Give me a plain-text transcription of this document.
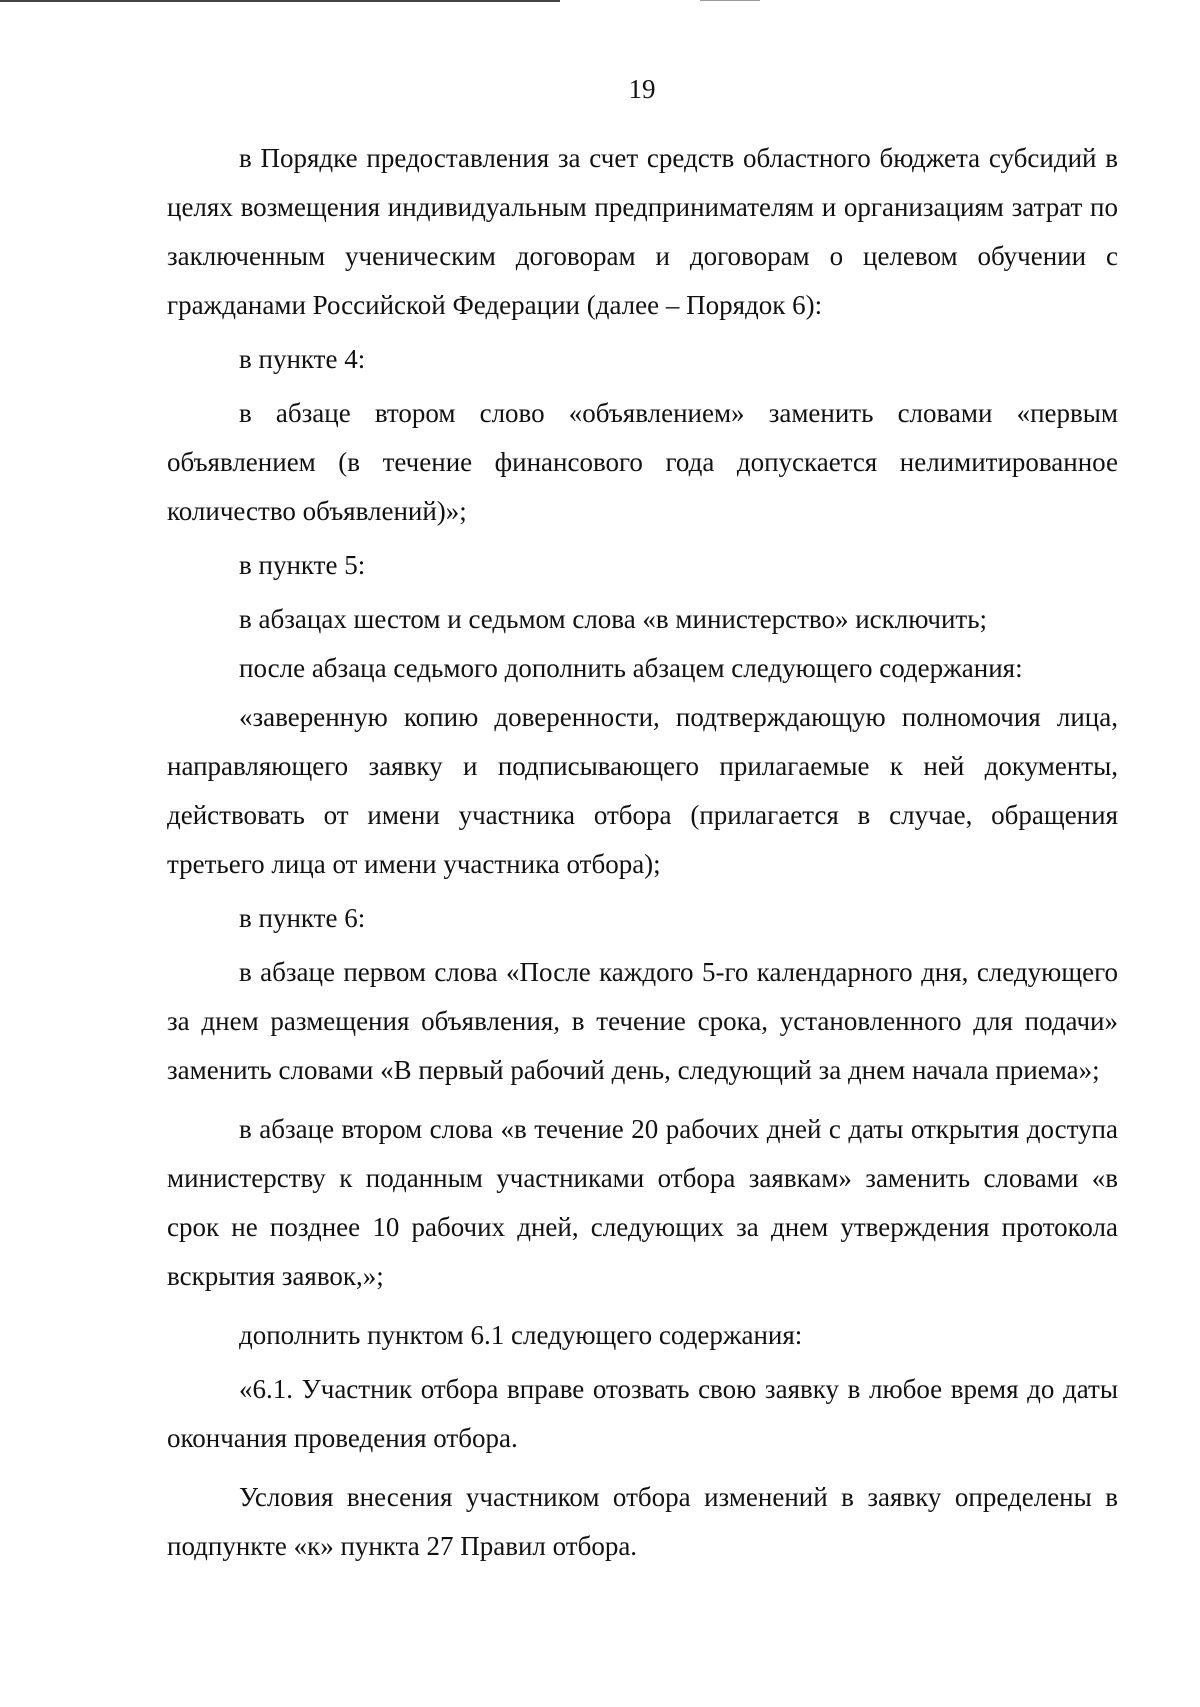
19

в Порядке предоставления за счет средств областного бюджета субсидий в целях возмещения индивидуальным предпринимателям и организациям затрат по заключенным ученическим договорам и договорам о целевом обучении с гражданами Российской Федерации (далее – Порядок 6):

в пункте 4:

в абзаце втором слово «объявлением» заменить словами «первым объявлением (в течение финансового года допускается нелимитированное количество объявлений)»;

в пункте 5:

в абзацах шестом и седьмом слова «в министерство» исключить;

после абзаца седьмого дополнить абзацем следующего содержания:

«заверенную копию доверенности, подтверждающую полномочия лица, направляющего заявку и подписывающего прилагаемые к ней документы, действовать от имени участника отбора (прилагается в случае, обращения третьего лица от имени участника отбора);

в пункте 6:

в абзаце первом слова «После каждого 5-го календарного дня, следующего за днем размещения объявления, в течение срока, установленного для подачи» заменить словами «В первый рабочий день, следующий за днем начала приема»;

в абзаце втором слова «в течение 20 рабочих дней с даты открытия доступа министерству к поданным участниками отбора заявкам» заменить словами «в срок не позднее 10 рабочих дней, следующих за днем утверждения протокола вскрытия заявок,»;

дополнить пунктом 6.1 следующего содержания:

«6.1. Участник отбора вправе отозвать свою заявку в любое время до даты окончания проведения отбора.

Условия внесения участником отбора изменений в заявку определены в подпункте «к» пункта 27 Правил отбора.
